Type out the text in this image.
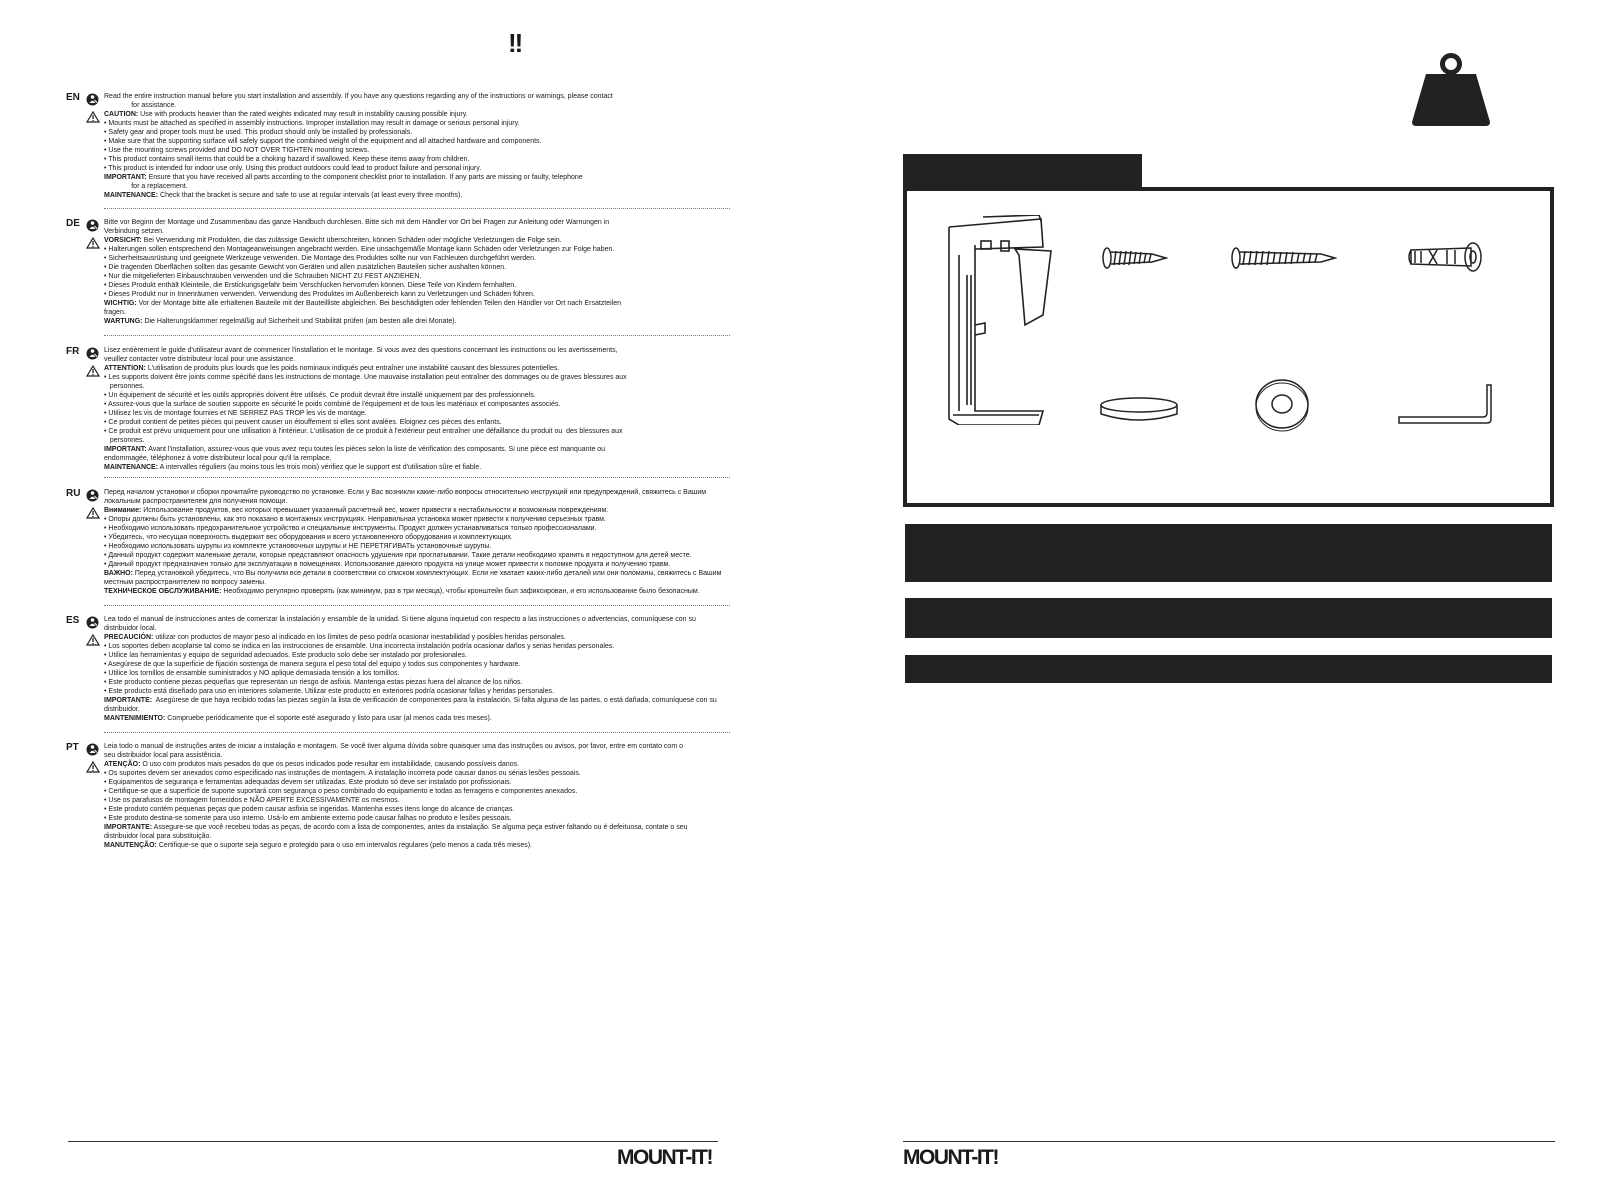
!!
EN	Read the entire instruction manual before you start installation and assembly. If you have any questions regarding any of the instructions or warnings, please contact
for assistance.
CAUTION: Use with products heavier than the rated weights indicated may result in instability causing possible injury.
• Mounts must be attached as specified in assembly instructions. Improper installation may result in damage or serious personal injury.
• Safety gear and proper tools must be used. This product should only be installed by professionals.
• Make sure that the supporting surface will safely support the combined weight of the equipment and all attached hardware and components.
• Use the mounting screws provided and DO NOT OVER TIGHTEN mounting screws.
• This product contains small items that could be a choking hazard if swallowed. Keep these items away from children.
• This product is intended for indoor use only. Using this product outdoors could lead to product failure and personal injury.
IMPORTANT: Ensure that you have received all parts according to the component checklist prior to installation. If any parts are missing or faulty, telephone
for a replacement.
MAINTENANCE: Check that the bracket is secure and safe to use at regular intervals (at least every three months).
DE	Bitte vor Beginn der Montage und Zusammenbau das ganze Handbuch durchlesen. Bitte sich mit dem Händler vor Ort bei Fragen zur Anleitung oder Warnungen in
Verbindung setzen.
VORSICHT: Bei Verwendung mit Produkten, die das zulässige Gewicht überschreiten, können Schäden oder mögliche Verletzungen die Folge sein.
• Halterungen sollen entsprechend den Montageanweisungen angebracht werden. Eine unsachgemäße Montage kann Schäden oder Verletzungen zur Folge haben.
• Sicherheitsausrüstung und geeignete Werkzeuge verwenden. Die Montage des Produktes sollte nur von Fachleuten durchgeführt werden.
• Die tragenden Oberflächen sollten das gesamte Gewicht von Geräten und allen zusätzlichen Bauteilen sicher aushalten können.
• Nur die mitgelieferten Einbauschrauben verwenden und die Schrauben NICHT ZU FEST ANZIEHEN.
• Dieses Produkt enthält Kleinteile, die Erstickungsgefahr beim Verschlucken hervorrufen können. Diese Teile von Kindern fernhalten.
• Dieses Produkt nur in Innenräumen verwenden. Verwendung des Produktes im Außenbereich kann zu Verletzungen und Schäden führen.
WICHTIG: Vor der Montage bitte alle erhaltenen Bauteile mit der Bauteilliste abgleichen. Bei beschädigten oder fehlenden Teilen den Händler vor Ort nach Ersatzteilen
fragen.
WARTUNG: Die Halterungsklammer regelmäßig auf Sicherheit und Stabilität prüfen (am besten alle drei Monate).
FR	Lisez entièrement le guide d'utilisateur avant de commencer l'installation et le montage. Si vous avez des questions concernant les instructions ou les avertissements,
veuillez contacter votre distributeur local pour une assistance.
ATTENTION: L'utilisation de produits plus lourds que les poids nominaux indiqués peut entraîner une instabilité causant des blessures potentielles.
• Les supports doivent être joints comme spécifié dans les instructions de montage. Une mauvaise installation peut entraîner des dommages ou de graves blessures aux
personnes.
• Un équipement de sécurité et les outils appropriés doivent être utilisés. Ce produit devrait être installé uniquement par des professionnels.
• Assurez-vous que la surface de soutien supporte en sécurité le poids combiné de l'équipement et de tous les matériaux et composantes associés.
• Utilisez les vis de montage fournies et NE SERREZ PAS TROP les vis de montage.
• Ce produit contient de petites pièces qui peuvent causer un étouffement si elles sont avalées. Eloignez ces pièces des enfants.
• Ce produit est prévu uniquement pour une utilisation à l'intérieur. L'utilisation de ce produit à l'extérieur peut entraîner une défaillance du produit ou  des blessures aux
personnes.
IMPORTANT: Avant l'installation, assurez-vous que vous avez reçu toutes les pièces selon la liste de vérification des composants. Si une pièce est manquante ou
endommagée, téléphonez à votre distributeur local pour qu'il la remplace.
MAINTENANCE: A intervalles réguliers (au moins tous les trois mois) vérifiez que le support est d'utilisation sûre et fiable.
RU	Перед началом установки и сборки прочитайте руководство по установке. Если у Вас возникли какие-либо вопросы относительно инструкций или предупреждений, свяжитесь с Вашим
локальным распространителем для получения помощи.
Внимание: Использование продуктов, вес которых превышает указанный расчетный вес, может привести к нестабильности и возможным повреждениям.
• Опоры должны быть установлены, как это показано в монтажных инструкциях. Неправильная установка может привести к получению серьезных травм.
• Необходимо использовать предохранительное устройство и специальные инструменты. Продукт должен устанавливаться только профессионалами.
• Убедитесь, что несущая поверхность выдержит вес оборудования и всего установленного оборудования и комплектующих.
• Необходимо использовать шурупы из комплекте установочных шурупы и НЕ ПЕРЕТЯГИВАТЬ установочные шурупы.
• Данный продукт содержит маленькие детали, которые представляют опасность удушения при проглатывании. Такие детали необходимо хранить в недоступном для детей месте.
• Данный продукт предназначен только для эксплуатации в помещениях. Использование данного продукта на улице может привести к поломке продукта и получению травм.
ВАЖНО: Перед установкой убедитесь, что Вы получили все детали в соответствии со списком комплектующих. Если не хватает каких-либо деталей или они поломаны, свяжитесь с Вашим
местным распространителем по вопросу замены.
ТЕХНИЧЕСКОЕ ОБСЛУЖИВАНИЕ: Необходимо регулярно проверять (как минимум, раз в три месяца), чтобы кронштейн был зафиксирован, и его использование было безопасным.
ES	Lea todo el manual de instrucciones antes de comenzar la instalación y ensamble de la unidad. Si tiene alguna inquietud con respecto a las instrucciones o advertencias, comuníquese con su
distribuidor local.
PRECAUCIÓN: utilizar con productos de mayor peso al indicado en los límites de peso podría ocasionar inestabilidad y posibles heridas personales.
• Los soportes deben acoplarse tal como se indica en las instrucciones de ensamble. Una incorrecta instalación podría ocasionar daños y serias heridas personales.
• Utilice las herramientas y equipo de seguridad adecuados. Este producto solo debe ser instalado por profesionales.
• Asegúrese de que la superficie de fijación sostenga de manera segura el peso total del equipo y todos sus componentes y hardware.
• Utilice los tornillos de ensamble suministrados y NO aplique demasiada tensión a los tornillos.
• Este producto contiene piezas pequeñas que representan un riesgo de asfixia. Mantenga estas piezas fuera del alcance de los niños.
• Este producto está diseñado para uso en interiores solamente. Utilizar este producto en exteriores podría ocasionar fallas y heridas personales.
IMPORTANTE:  Asegúrese de que haya recibido todas las piezas según la lista de verificación de componentes para la instalación. Si falta alguna de las partes, o está dañada, comuníquese con su
distribuidor.
MANTENIMIENTO: Compruebe periódicamente que el soporte esté asegurado y listo para usar (al menos cada tres meses).
PT	Leia todo o manual de instruções antes de iniciar a instalação e montagem. Se você tiver alguma dúvida sobre quaisquer uma das instruções ou avisos, por favor, entre em contato com o
seu distribuidor local para assistência.
ATENÇÃO: O uso com produtos mais pesados do que os pesos indicados pode resultar em instabilidade, causando possíveis danos.
• Os suportes devem ser anexados como especificado nas instruções de montagem. A instalação incorreta pode causar danos ou sérias lesões pessoais.
• Equipamentos de segurança e ferramentas adequadas devem ser utilizadas. Este produto só deve ser instalado por profissionais.
• Certifique-se que a superfície de suporte suportará com segurança o peso combinado do equipamento e todas as ferragens e componentes anexados.
• Use os parafusos de montagem fornecidos e NÃO APERTE EXCESSIVAMENTE os mesmos.
• Este produto contém pequenas peças que podem causar asfixia se ingeridas. Mantenha esses itens longe do alcance de crianças.
• Este produto destina-se somente para uso interno. Usá-lo em ambiente externo pode causar falhas no produto e lesões pessoais.
IMPORTANTE: Assegure-se que você recebeu todas as peças, de acordo com a lista de componentes, antes da instalação. Se alguma peça estiver faltando ou é defeituosa, contate o seu
distribuidor local para substituição.
MANUTENÇÃO: Certifique-se que o suporte seja seguro e protegido para o uso em intervalos regulares (pelo menos a cada três meses).
MOUNT-IT!	MOUNT-IT!
